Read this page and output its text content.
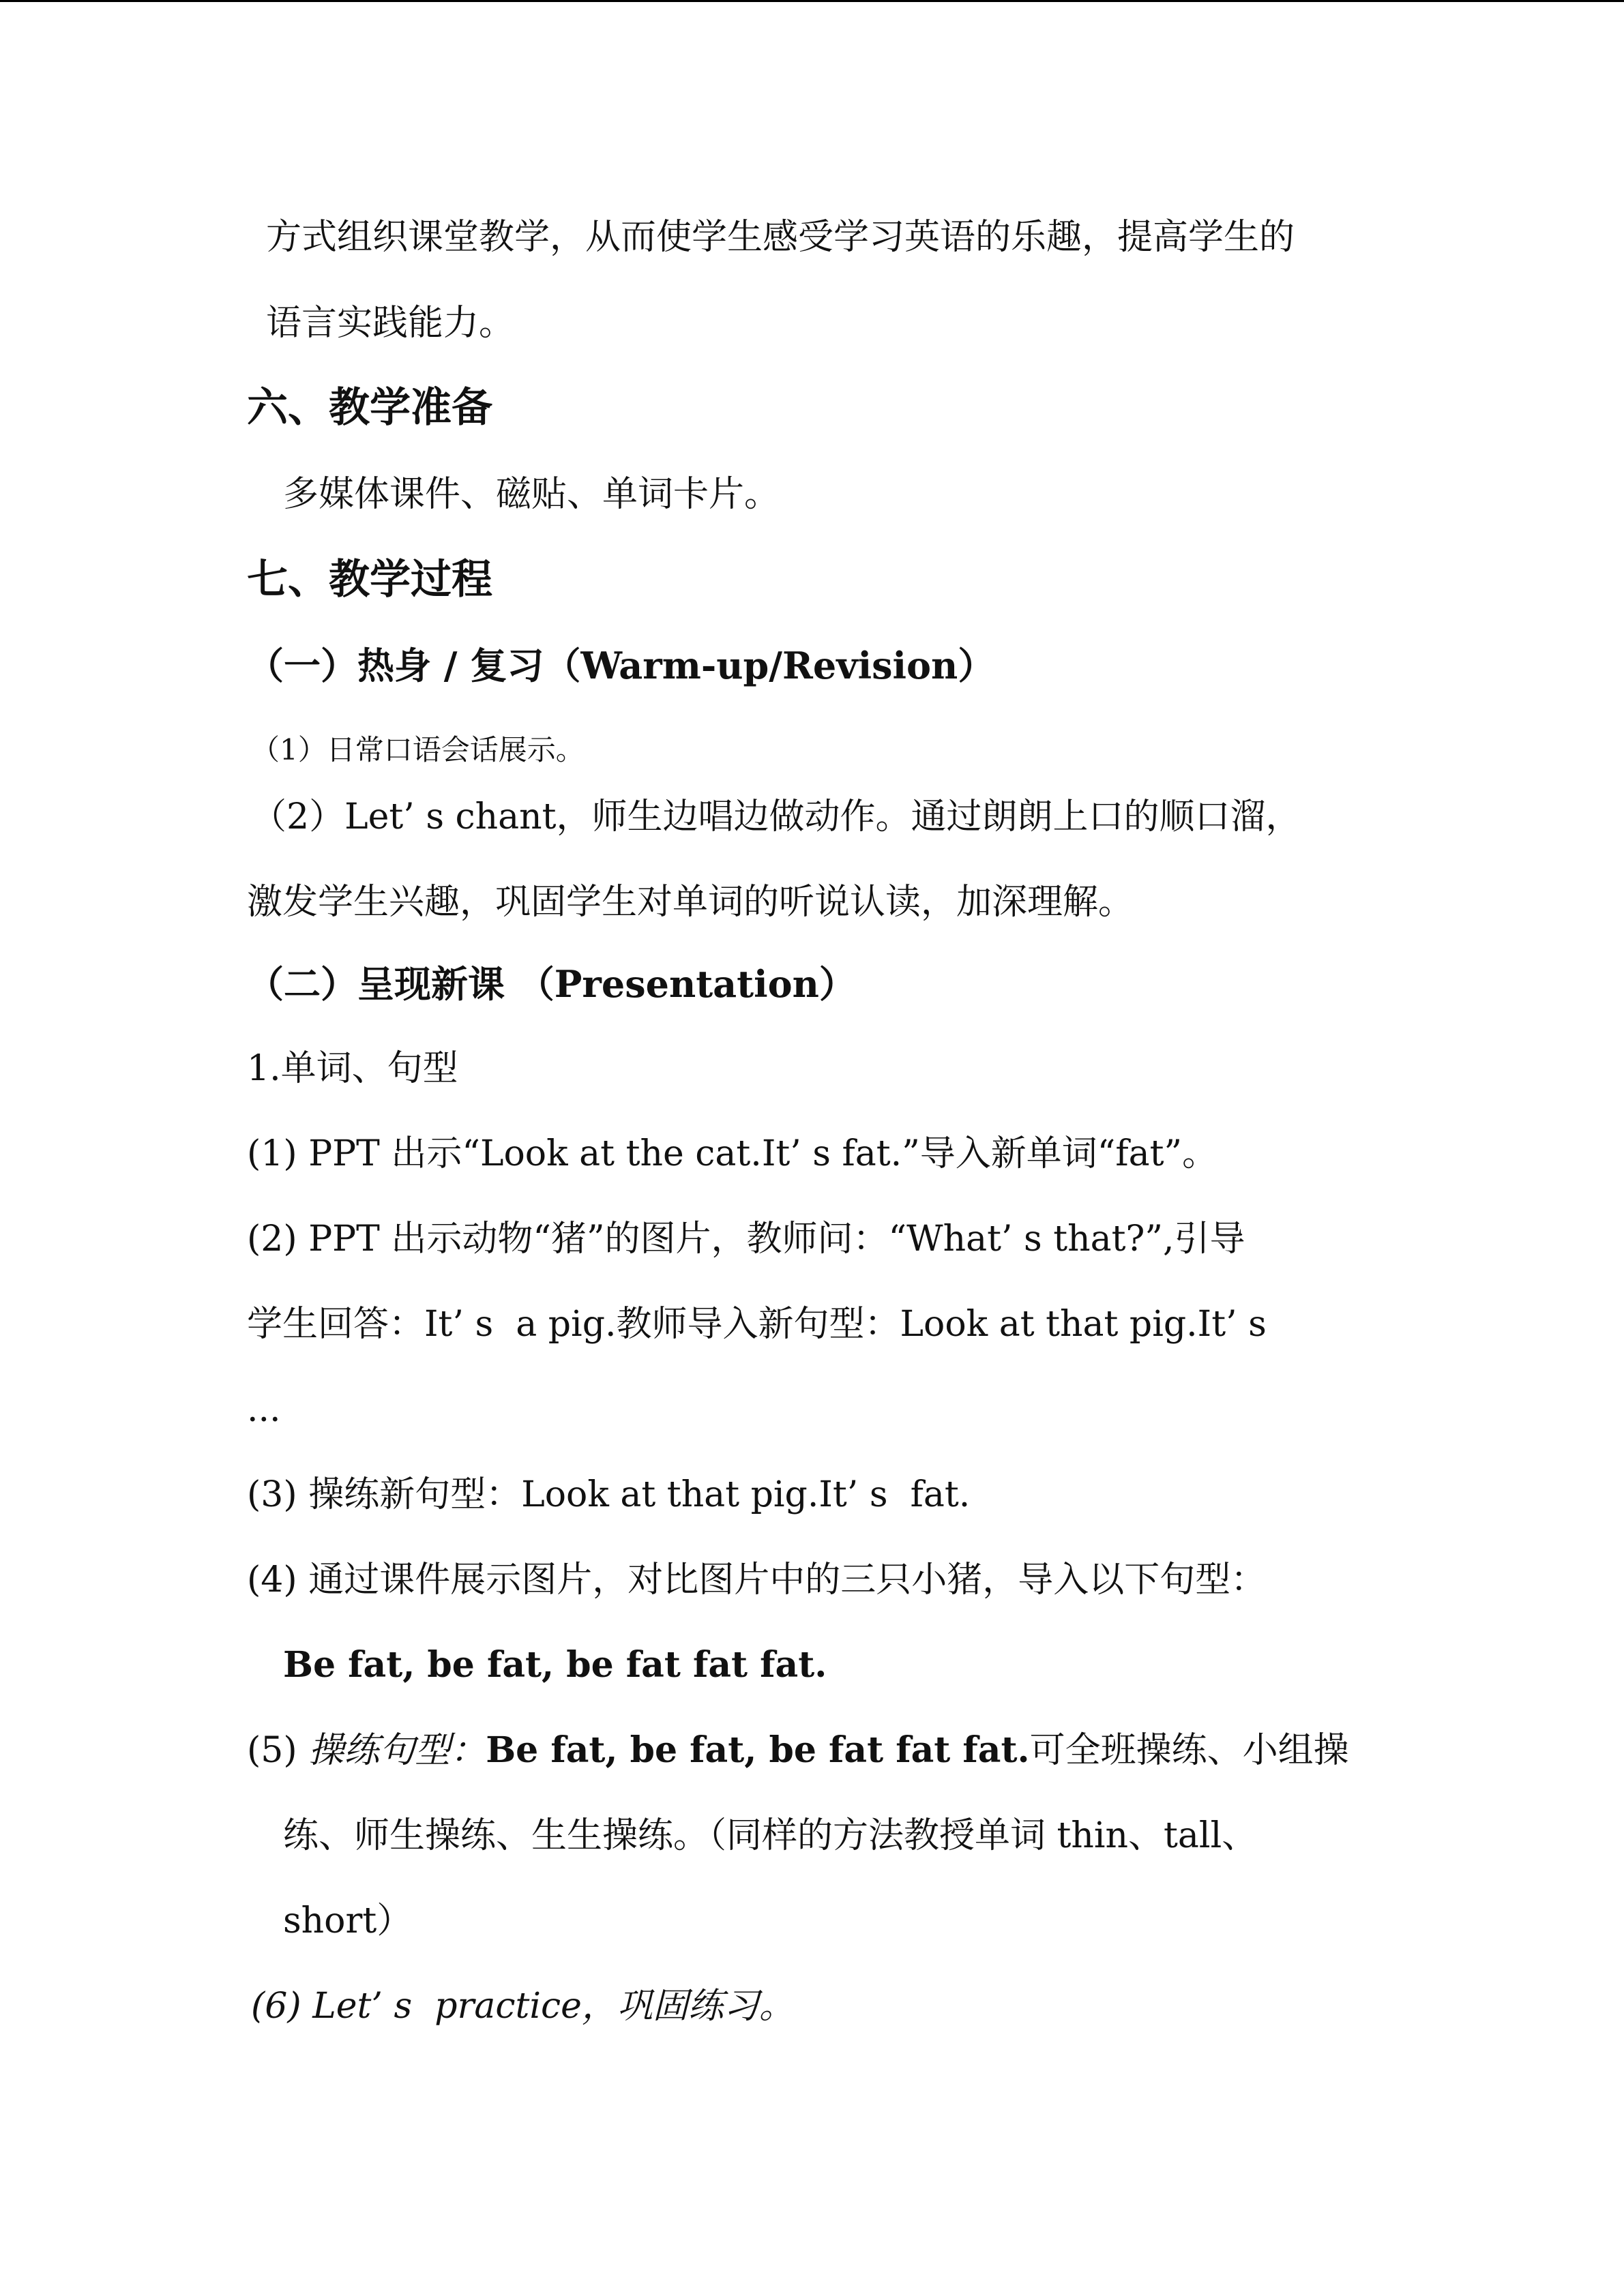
方式组织课堂教学，从而使学生感受学习英语的乐趣，提高学生的
语言实践能力。
六、教学准备
多媒体课件、磁贴、单词卡片。
七、教学过程
（一）热身 / 复习（Warm-up/Revision）
（1）日常口语会话展示。
（2）Let’ s chant，师生边唱边做动作。通过朗朗上口的顺口溜，
激发学生兴趣，巩固学生对单词的听说认读，加深理解。
（二）呈现新课 （Presentation）
1.单词、句型
(1) PPT 出示“Look at the cat.It’ s fat.”导入新单词“fat”。
(2) PPT 出示动物“猪”的图片，教师问：“What’ s that?”,引导
学生回答：It’ s  a pig.教师导入新句型：Look at that pig.It’ s
...
(3) 操练新句型：Look at that pig.It’ s  fat.
(4) 通过课件展示图片，对比图片中的三只小猪，导入以下句型：
Be fat, be fat, be fat fat fat.
(5) 操练句型：Be fat, be fat, be fat fat fat.可全班操练、小组操
练、师生操练、生生操练。（同样的方法教授单词 thin、tall、
short）
(6) Let’ s  practice，巩固练习。
